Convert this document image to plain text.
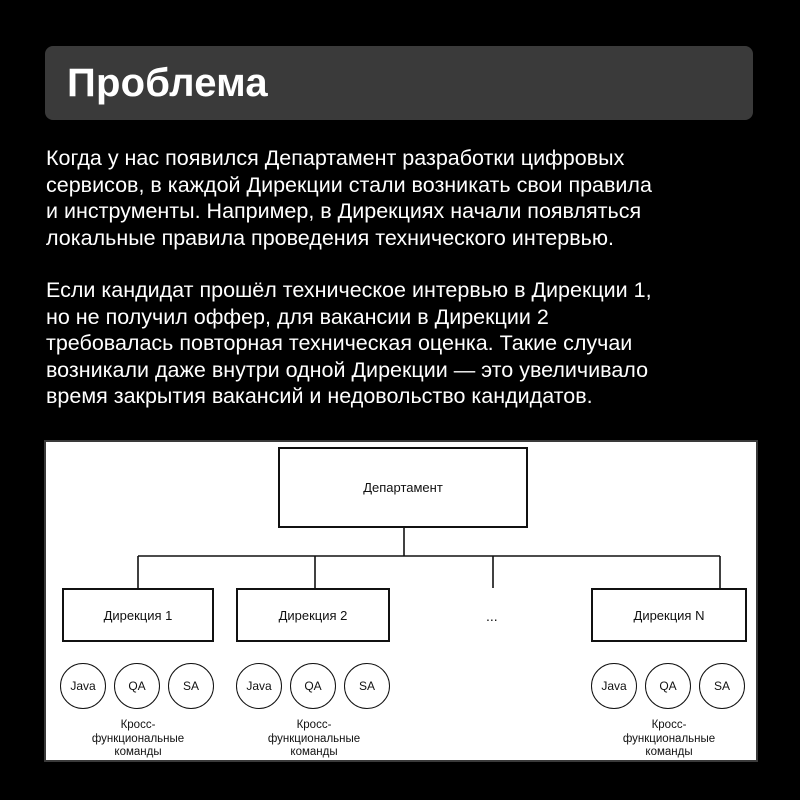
Проблема

Когда у нас появился Департамент разработки цифровых
сервисов, в каждой Дирекции стали возникать свои правила
и инструменты. Например, в Дирекциях начали появляться
локальные правила проведения технического интервью.

Если кандидат прошёл техническое интервью в Дирекции 1,
но не получил оффер, для вакансии в Дирекции 2
требовалась повторная техническая оценка. Такие случаи
возникали даже внутри одной Дирекции — это увеличивало
время закрытия вакансий и недовольство кандидатов.

Департамент
Дирекция 1	Дирекция 2	...	Дирекция N
Java	QA	SA
Кросс-
функциональные
команды
Java	QA	SA
Кросс-
функциональные
команды
Java	QA	SA
Кросс-
функциональные
команды
